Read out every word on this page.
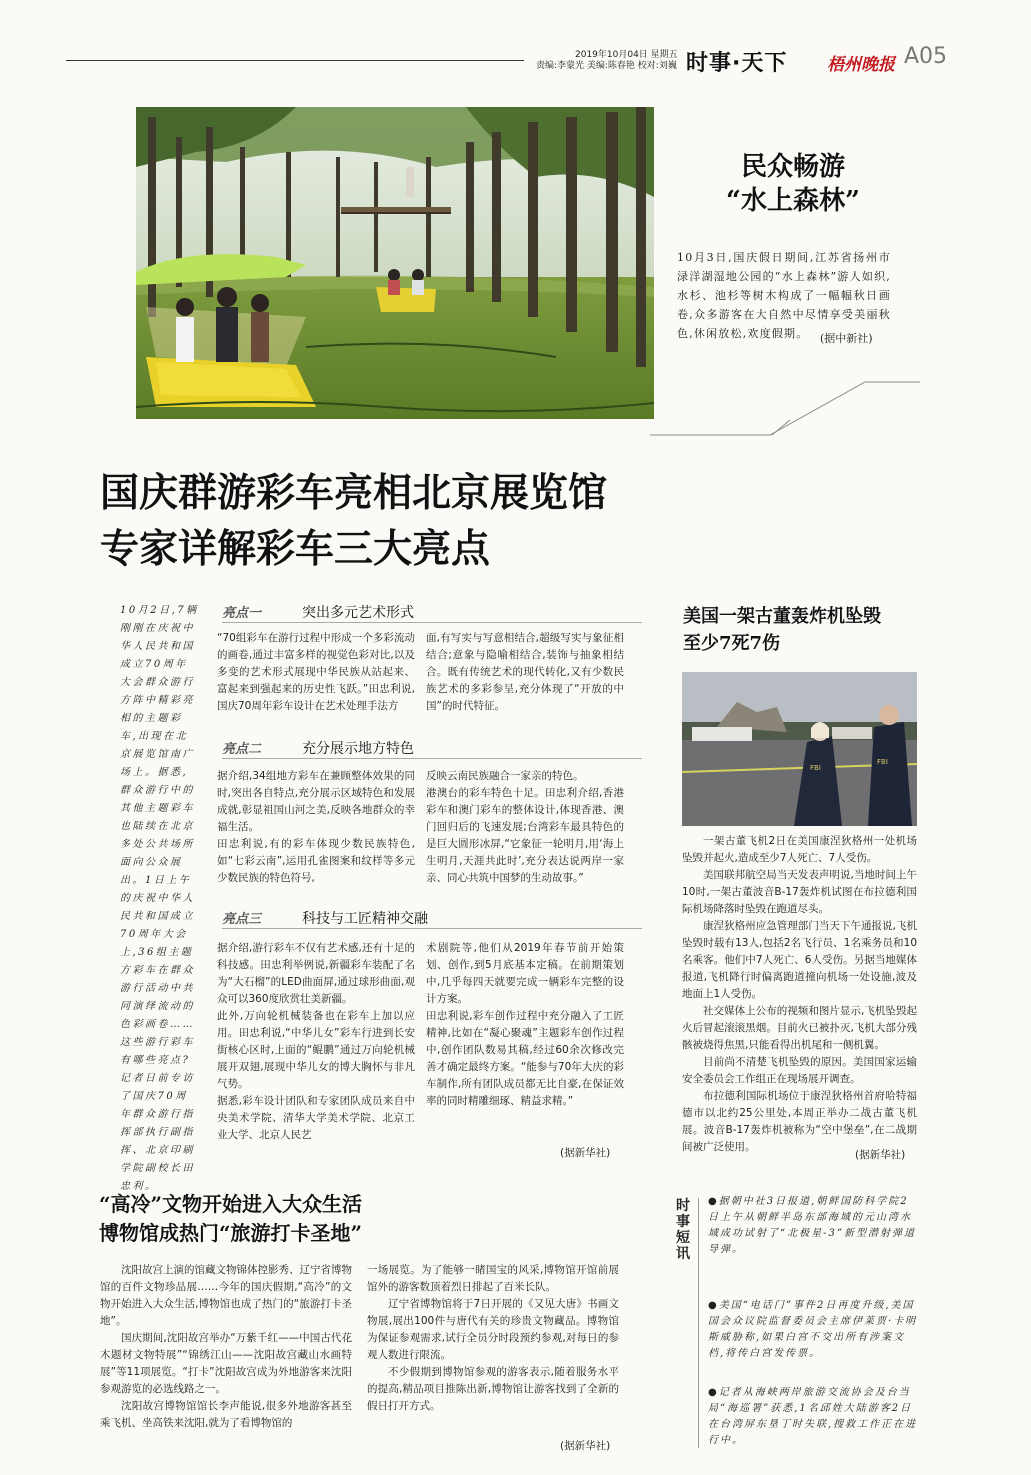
2019年10月04日 星期五
责编:李蒙光 美编:陈春艳 校对:刘巍 时事·天下 梧州晚报 A05
民众畅游
“水上森林”
10月3日,国庆假日期间,江苏省扬州市渌洋湖湿地公园的“水上森林”游人如织,水杉、池杉等树木构成了一幅幅秋日画卷,众多游客在大自然中尽情享受美丽秋色,休闲放松,欢度假期。	(据中新社)
国庆群游彩车亮相北京展览馆
专家详解彩车三大亮点
10月2日,7辆刚刚在庆祝中华人民共和国成立70周年大会群众游行方阵中精彩亮相的主题彩车,出现在北京展览馆南广场上。据悉,群众游行中的其他主题彩车也陆续在北京多处公共场所面向公众展出。1日上午的庆祝中华人民共和国成立70周年大会上,36组主题方彩车在群众游行活动中共同演绎流动的色彩画卷……这些游行彩车有哪些亮点?记者日前专访了国庆70周年群众游行指挥部执行副指挥、北京印刷学院副校长田忠利。
亮点一	突出多元艺术形式
“70组彩车在游行过程中形成一个多彩流动的画卷,通过丰富多样的视觉色彩对比,以及多变的艺术形式展现中华民族从站起来、富起来到强起来的历史性飞跃。”田忠利说,国庆70周年彩车设计在艺术处理手法方
面,有写实与写意相结合,超级写实与象征相结合;意象与隐喻相结合,装饰与抽象相结合。既有传统艺术的现代转化,又有少数民族艺术的多彩参呈,充分体现了“开放的中国”的时代特征。
亮点二	充分展示地方特色
据介绍,34组地方彩车在兼顾整体效果的同时,突出各自特点,充分展示区域特色和发展成就,彰显祖国山河之美,反映各地群众的幸福生活。
田忠利说,有的彩车体现少数民族特色,如“七彩云南”,运用孔雀图案和纹样等多元少数民族的特色符号,
反映云南民族融合一家亲的特色。
港澳台的彩车特色十足。田忠利介绍,香港彩车和澳门彩车的整体设计,体现香港、澳门回归后的飞速发展;台湾彩车最具特色的是巨大圆形冰屏,“它象征一轮明月,用‘海上生明月,天涯共此时’,充分表达说两岸一家亲、同心共筑中国梦的生动故事。”
亮点三	科技与工匠精神交融
据介绍,游行彩车不仅有艺术感,还有十足的科技感。田忠利举例说,新疆彩车装配了名为“大石榴”的LED曲面屏,通过球形曲面,观众可以360度欣赏壮美新疆。
此外,万向轮机械装备也在彩车上加以应用。田忠利说,“中华儿女”彩车行进到长安街核心区时,上面的“鲲鹏”通过万向轮机械展开双翅,展现中华儿女的博大胸怀与非凡气势。
据悉,彩车设计团队和专家团队成员来自中央美术学院、清华大学美术学院、北京工业大学、北京人民艺
术剧院等,他们从2019年春节前开始策划、创作,到5月底基本定稿。在前期策划中,几乎每四天就要完成一辆彩车完整的设计方案。
田忠利说,彩车创作过程中充分融入了工匠精神,比如在“凝心聚魂”主题彩车创作过程中,创作团队数易其稿,经过60余次修改完善才确定最终方案。“能参与70年大庆的彩车制作,所有团队成员都无比自豪,在保证效率的同时精雕细琢、精益求精。”
(据新华社)
美国一架古董轰炸机坠毁
至少7死7伤
FBI
FBI
一架古董飞机2日在美国康涅狄格州一处机场坠毁并起火,造成至少7人死亡、7人受伤。
美国联邦航空局当天发表声明说,当地时间上午10时,一架古董波音B-17轰炸机试图在布拉德利国际机场降落时坠毁在跑道尽头。
康涅狄格州应急管理部门当天下午通报说,飞机坠毁时载有13人,包括2名飞行员、1名乘务员和10名乘客。他们中7人死亡、6人受伤。另据当地媒体报道,飞机降行时偏离跑道撞向机场一处设施,波及地面上1人受伤。
社交媒体上公布的视频和图片显示,飞机坠毁起火后冒起滚滚黑烟。目前火已被扑灭,飞机大部分残骸被烧得焦黑,只能看得出机尾和一侧机翼。
目前尚不清楚飞机坠毁的原因。美国国家运输安全委员会工作组正在现场展开调查。
布拉德利国际机场位于康涅狄格州首府哈特福德市以北约25公里处,本周正举办二战古董飞机展。波音B-17轰炸机被称为“空中堡垒”,在二战期间被广泛使用。
(据新华社)
“高冷”文物开始进入大众生活
博物馆成热门“旅游打卡圣地”
沈阳故宫上演的馆藏文物锦体控影秀、辽宁省博物馆的百件文物珍品展……今年的国庆假期,“高冷”的文物开始进入大众生活,博物馆也成了热门的“旅游打卡圣地”。
国庆期间,沈阳故宫举办“万紫千红——中国古代花木题材文物特展”“锦绣江山——沈阳故宫藏山水画特展”等11项展览。“打卡”沈阳故宫成为外地游客来沈阳参观游览的必选线路之一。
沈阳故宫博物馆馆长李声能说,很多外地游客甚至乘飞机、坐高铁来沈阳,就为了看博物馆的
一场展览。为了能够一睹国宝的风采,博物馆开馆前展馆外的游客数顶着烈日排起了百米长队。
辽宁省博物馆将于7日开展的《又见大唐》书画文物展,展出100件与唐代有关的珍贵文物藏品。博物馆为保证参观需求,试行全员分时段预约参观,对每日的参观人数进行限流。
不少假期到博物馆参观的游客表示,随着服务水平的提高,精品项目推陈出新,博物馆让游客找到了全新的假日打开方式。
(据新华社)
时事短讯
●据朝中社3日报道,朝鲜国防科学院2日上午从朝鲜半岛东部海域的元山湾水域成功试射了“北极星-3”新型潜射弹道导弹。
●美国“电话门”事件2日再度升级,美国国会众议院监督委员会主席伊莱贾·卡明斯威胁称,如果白宫不交出所有涉案文档,将传白宫发传票。
●记者从海峡两岸旅游交流协会及台当局“海巡署”获悉,1名邱姓大陆游客2日在台湾屏东垦丁时失联,搜救工作正在进行中。
